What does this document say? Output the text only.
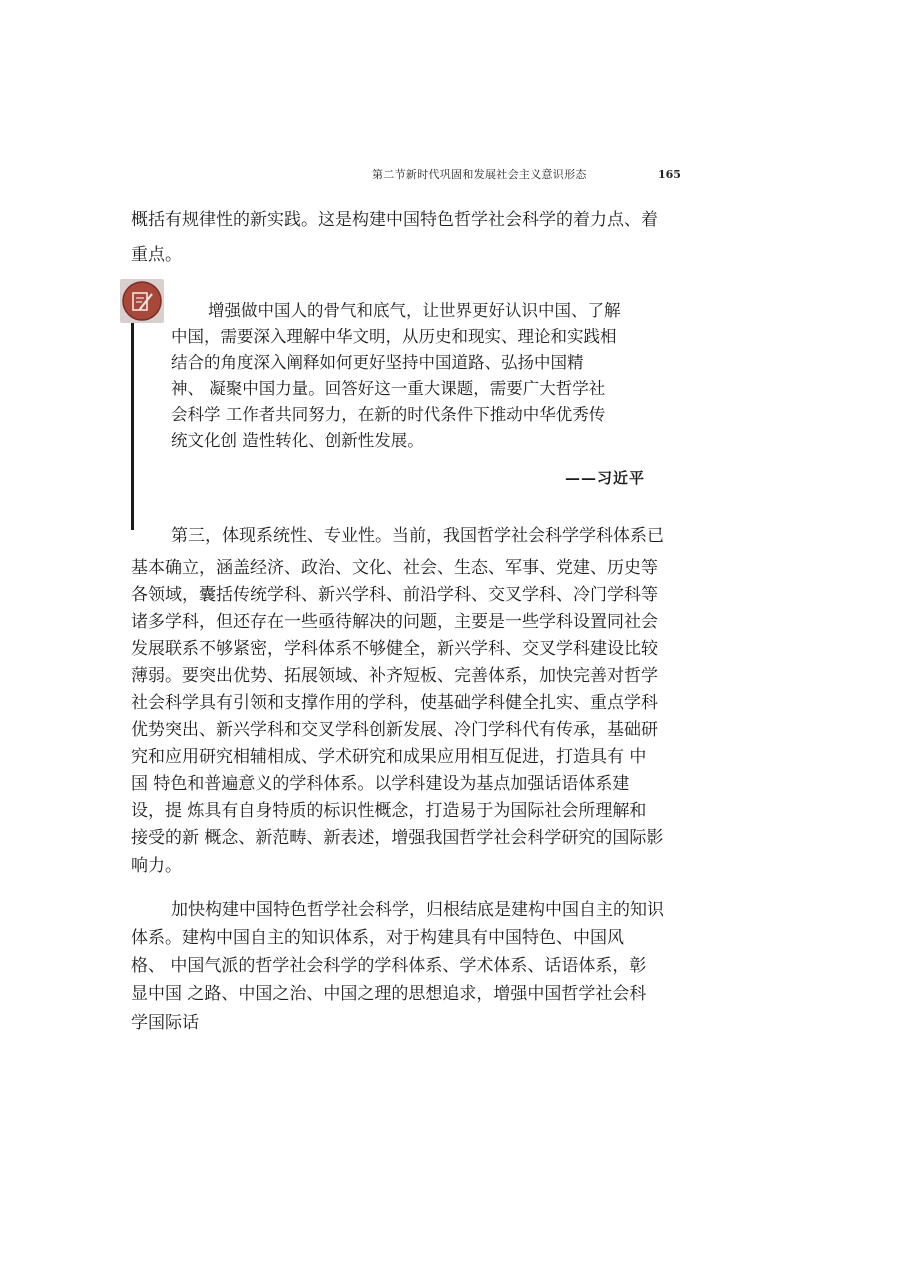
第二节新时代巩固和发展社会主义意识形态	165
概括有规律性的新实践。这是构建中国特色哲学社会科学的着力点、着
重点。
增强做中国人的骨气和底气，让世界更好认识中国、了解
中国，需要深入理解中华文明，从历史和现实、理论和实践相
结合的角度深入阐释如何更好坚持中国道路、弘扬中国精
神、 凝聚中国力量。回答好这一重大课题，需要广大哲学社
会科学 工作者共同努力，在新的时代条件下推动中华优秀传
统文化创 造性转化、创新性发展。
——习近平
第三，体现系统性、专业性。当前，我国哲学社会科学学科体系已
基本确立，涵盖经济、政治、文化、社会、生态、军事、党建、历史等
各领域，囊括传统学科、新兴学科、前沿学科、交叉学科、冷门学科等
诸多学科，但还存在一些亟待解决的问题，主要是一些学科设置同社会
发展联系不够紧密，学科体系不够健全，新兴学科、交叉学科建设比较
薄弱。要突出优势、拓展领域、补齐短板、完善体系，加快完善对哲学
社会科学具有引领和支撑作用的学科，使基础学科健全扎实、重点学科
优势突出、新兴学科和交叉学科创新发展、冷门学科代有传承，基础研
究和应用研究相辅相成、学术研究和成果应用相互促进，打造具有 中
国 特色和普遍意义的学科体系。以学科建设为基点加强话语体系建
设，提 炼具有自身特质的标识性概念，打造易于为国际社会所理解和
接受的新 概念、新范畴、新表述，增强我国哲学社会科学研究的国际影
响力。
加快构建中国特色哲学社会科学，归根结底是建构中国自主的知识
体系。建构中国自主的知识体系，对于构建具有中国特色、中国风
格、 中国气派的哲学社会科学的学科体系、学术体系、话语体系，彰
显中国 之路、中国之治、中国之理的思想追求，增强中国哲学社会科
学国际话
